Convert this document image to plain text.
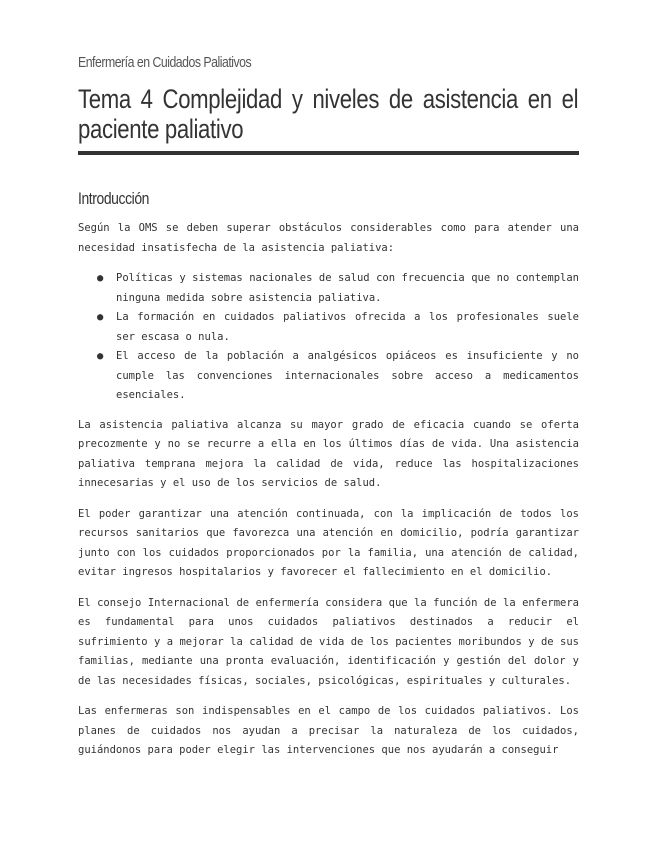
Enfermería en Cuidados Paliativos
Tema 4 Complejidad y niveles de asistencia en el paciente paliativo
Introducción

Según la OMS se deben superar obstáculos considerables como para atender una necesidad insatisfecha de la asistencia paliativa:

● Políticas y sistemas nacionales de salud con frecuencia que no contemplan ninguna medida sobre asistencia paliativa.
● La formación en cuidados paliativos ofrecida a los profesionales suele ser escasa o nula.
● El acceso de la población a analgésicos opiáceos es insuficiente y no cumple las convenciones internacionales sobre acceso a medicamentos esenciales.

La asistencia paliativa alcanza su mayor grado de eficacia cuando se oferta precozmente y no se recurre a ella en los últimos días de vida. Una asistencia paliativa temprana mejora la calidad de vida, reduce las hospitalizaciones innecesarias y el uso de los servicios de salud.

El poder garantizar una atención continuada, con la implicación de todos los recursos sanitarios que favorezca una atención en domicilio, podría garantizar junto con los cuidados proporcionados por la familia, una atención de calidad, evitar ingresos hospitalarios y favorecer el fallecimiento en el domicilio.

El consejo Internacional de enfermería considera que la función de la enfermera es fundamental para unos cuidados paliativos destinados a reducir el sufrimiento y a mejorar la calidad de vida de los pacientes moribundos y de sus familias, mediante una pronta evaluación, identificación y gestión del dolor y de las necesidades físicas, sociales, psicológicas, espirituales y culturales.

Las enfermeras son indispensables en el campo de los cuidados paliativos. Los planes de cuidados nos ayudan a precisar la naturaleza de los cuidados, guiándonos para poder elegir las intervenciones que nos ayudarán a conseguir
